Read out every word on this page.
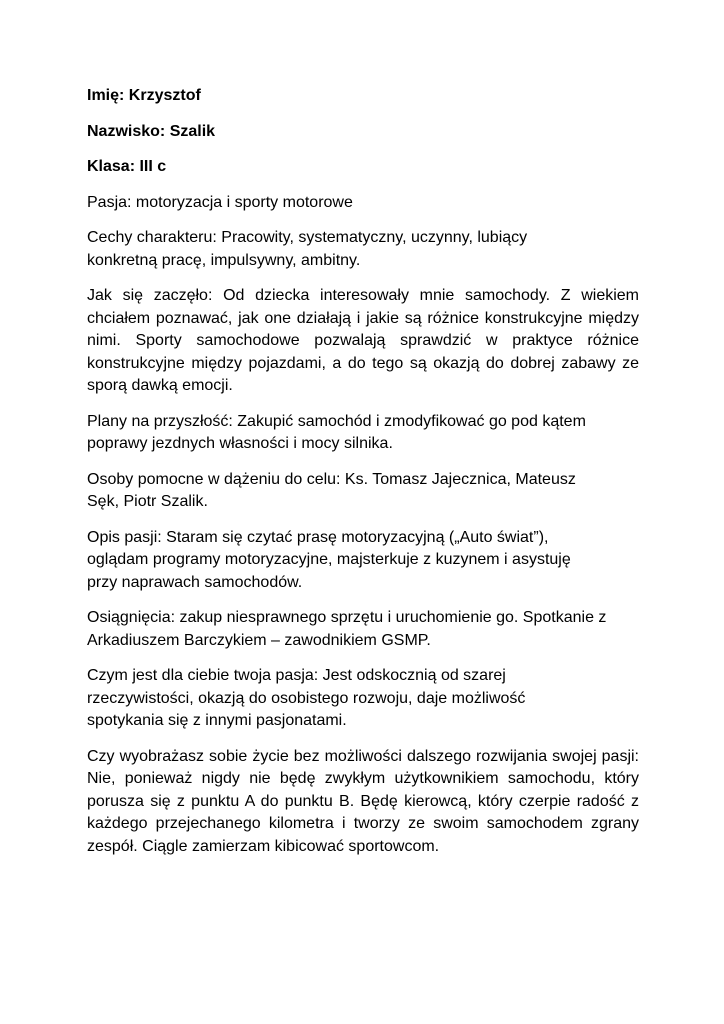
Imię: Krzysztof

Nazwisko: Szalik

Klasa: III c

Pasja: motoryzacja i sporty motorowe

Cechy charakteru: Pracowity, systematyczny, uczynny, lubiący konkretną pracę, impulsywny, ambitny.

Jak się zaczęło: Od dziecka interesowały mnie samochody. Z wiekiem chciałem poznawać, jak one działają i jakie są różnice konstrukcyjne między nimi. Sporty samochodowe pozwalają sprawdzić w praktyce różnice konstrukcyjne między pojazdami, a do tego są okazją do dobrej zabawy ze sporą dawką emocji.

Plany na przyszłość: Zakupić samochód i zmodyfikować go pod kątem poprawy jezdnych własności i mocy silnika.

Osoby pomocne w dążeniu do celu: Ks. Tomasz Jajecznica, Mateusz Sęk, Piotr Szalik.

Opis pasji: Staram się czytać prasę motoryzacyjną („Auto świat”), oglądam programy motoryzacyjne, majsterkuje z kuzynem i asystuję przy naprawach samochodów.

Osiągnięcia: zakup niesprawnego sprzętu i uruchomienie go. Spotkanie z Arkadiuszem Barczykiem – zawodnikiem GSMP.

Czym jest dla ciebie twoja pasja: Jest odskocznią od szarej rzeczywistości, okazją do osobistego rozwoju, daje możliwość spotykania się z innymi pasjonatami.

Czy wyobrażasz sobie życie bez możliwości dalszego rozwijania swojej pasji: Nie, ponieważ nigdy nie będę zwykłym użytkownikiem samochodu, który porusza się z punktu A do punktu B. Będę kierowcą, który czerpie radość z każdego przejechanego kilometra i tworzy ze swoim samochodem zgrany zespół. Ciągle zamierzam kibicować sportowcom.
